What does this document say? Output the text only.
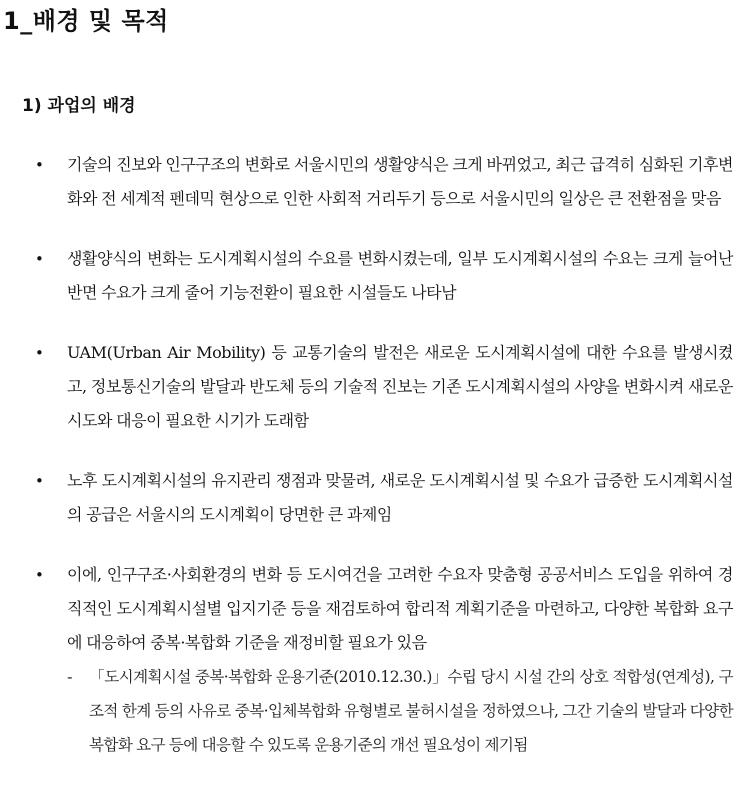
1_배경 및 목적
1) 과업의 배경
• 기술의 진보와 인구구조의 변화로 서울시민의 생활양식은 크게 바뀌었고, 최근 급격히 심화된 기후변화와 전 세계적 펜데믹 현상으로 인한 사회적 거리두기 등으로 서울시민의 일상은 큰 전환점을 맞음
• 생활양식의 변화는 도시계획시설의 수요를 변화시켰는데, 일부 도시계획시설의 수요는 크게 늘어난 반면 수요가 크게 줄어 기능전환이 필요한 시설들도 나타남
• UAM(Urban Air Mobility) 등 교통기술의 발전은 새로운 도시계획시설에 대한 수요를 발생시켰고, 정보통신기술의 발달과 반도체 등의 기술적 진보는 기존 도시계획시설의 사양을 변화시켜 새로운 시도와 대응이 필요한 시기가 도래함
• 노후 도시계획시설의 유지관리 쟁점과 맞물려, 새로운 도시계획시설 및 수요가 급증한 도시계획시설의 공급은 서울시의 도시계획이 당면한 큰 과제임
• 이에, 인구구조·사회환경의 변화 등 도시여건을 고려한 수요자 맞춤형 공공서비스 도입을 위하여 경직적인 도시계획시설별 입지기준 등을 재검토하여 합리적 계획기준을 마련하고, 다양한 복합화 요구에 대응하여 중복·복합화 기준을 재정비할 필요가 있음
- 「도시계획시설 중복·복합화 운용기준(2010.12.30.)」수립 당시 시설 간의 상호 적합성(연계성), 구조적 한계 등의 사유로 중복·입체복합화 유형별로 불허시설을 정하였으나, 그간 기술의 발달과 다양한 복합화 요구 등에 대응할 수 있도록 운용기준의 개선 필요성이 제기됨
